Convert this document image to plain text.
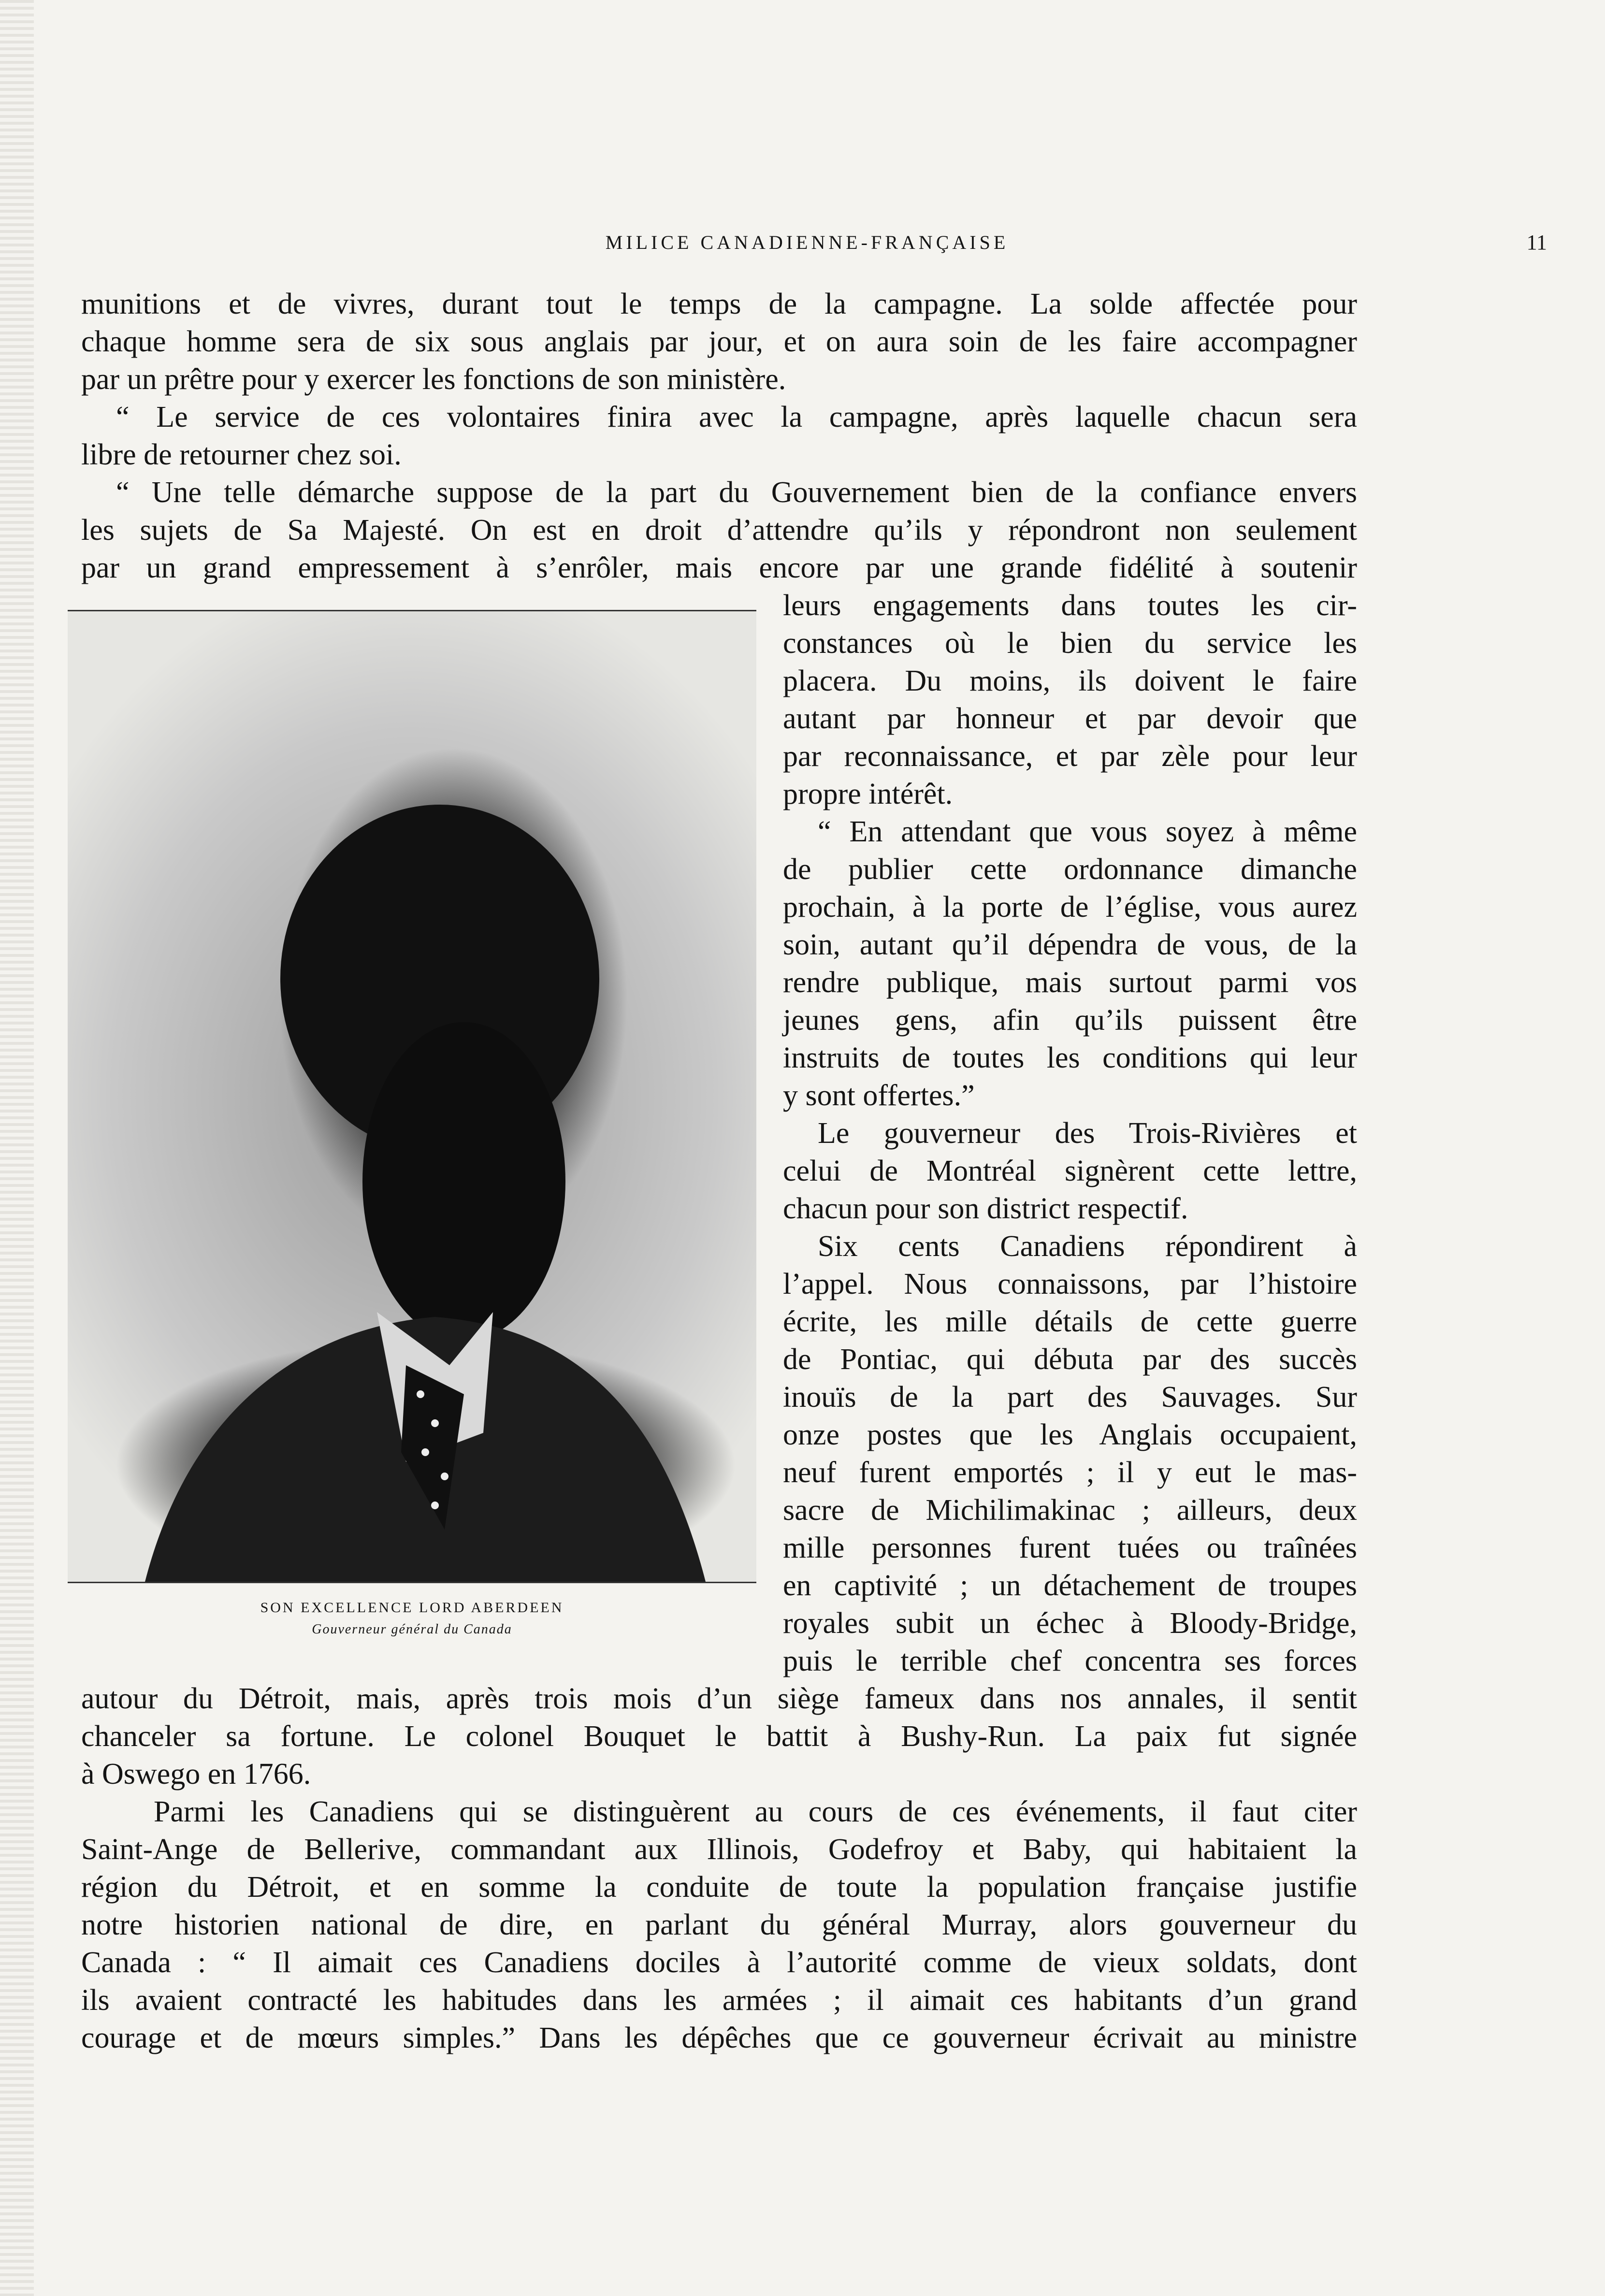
MILICE CANADIENNE-FRANÇAISE	11

munitions et de vivres, durant tout le temps de la campagne. La solde affectée pour

chaque homme sera de six sous anglais par jour, et on aura soin de les faire accompagner

par un prêtre pour y exercer les fonctions de son ministère.

“ Le service de ces volontaires finira avec la campagne, après laquelle chacun sera

libre de retourner chez soi.

“ Une telle démarche suppose de la part du Gouvernement bien de la confiance envers

les sujets de Sa Majesté. On est en droit d’attendre qu’ils y répondront non seulement

par un grand empressement à s’enrôler, mais encore par une grande fidélité à soutenir

SON EXCELLENCE LORD ABERDEEN
Gouverneur général du Canada

leurs engagements dans toutes les cir-

constances où le bien du service les

placera. Du moins, ils doivent le faire

autant par honneur et par devoir que

par reconnaissance, et par zèle pour leur

propre intérêt.

“ En attendant que vous soyez à même

de publier cette ordonnance dimanche

prochain, à la porte de l’église, vous aurez

soin, autant qu’il dépendra de vous, de la

rendre publique, mais surtout parmi vos

jeunes gens, afin qu’ils puissent être

instruits de toutes les conditions qui leur

y sont offertes.”

Le gouverneur des Trois-Rivières et

celui de Montréal signèrent cette lettre,

chacun pour son district respectif.

Six cents Canadiens répondirent à

l’appel. Nous connaissons, par l’histoire

écrite, les mille détails de cette guerre

de Pontiac, qui débuta par des succès

inouïs de la part des Sauvages. Sur

onze postes que les Anglais occupaient,

neuf furent emportés ; il y eut le mas-

sacre de Michilimakinac ; ailleurs, deux

mille personnes furent tuées ou traînées

en captivité ; un détachement de troupes

royales subit un échec à Bloody-Bridge,

puis le terrible chef concentra ses forces

autour du Détroit, mais, après trois mois d’un siège fameux dans nos annales, il sentit

chanceler sa fortune. Le colonel Bouquet le battit à Bushy-Run. La paix fut signée

à Oswego en 1766.

Parmi les Canadiens qui se distinguèrent au cours de ces événements, il faut citer

Saint-Ange de Bellerive, commandant aux Illinois, Godefroy et Baby, qui habitaient la

région du Détroit, et en somme la conduite de toute la population française justifie

notre historien national de dire, en parlant du général Murray, alors gouverneur du

Canada : “ Il aimait ces Canadiens dociles à l’autorité comme de vieux soldats, dont

ils avaient contracté les habitudes dans les armées ; il aimait ces habitants d’un grand

courage et de mœurs simples.” Dans les dépêches que ce gouverneur écrivait au ministre
